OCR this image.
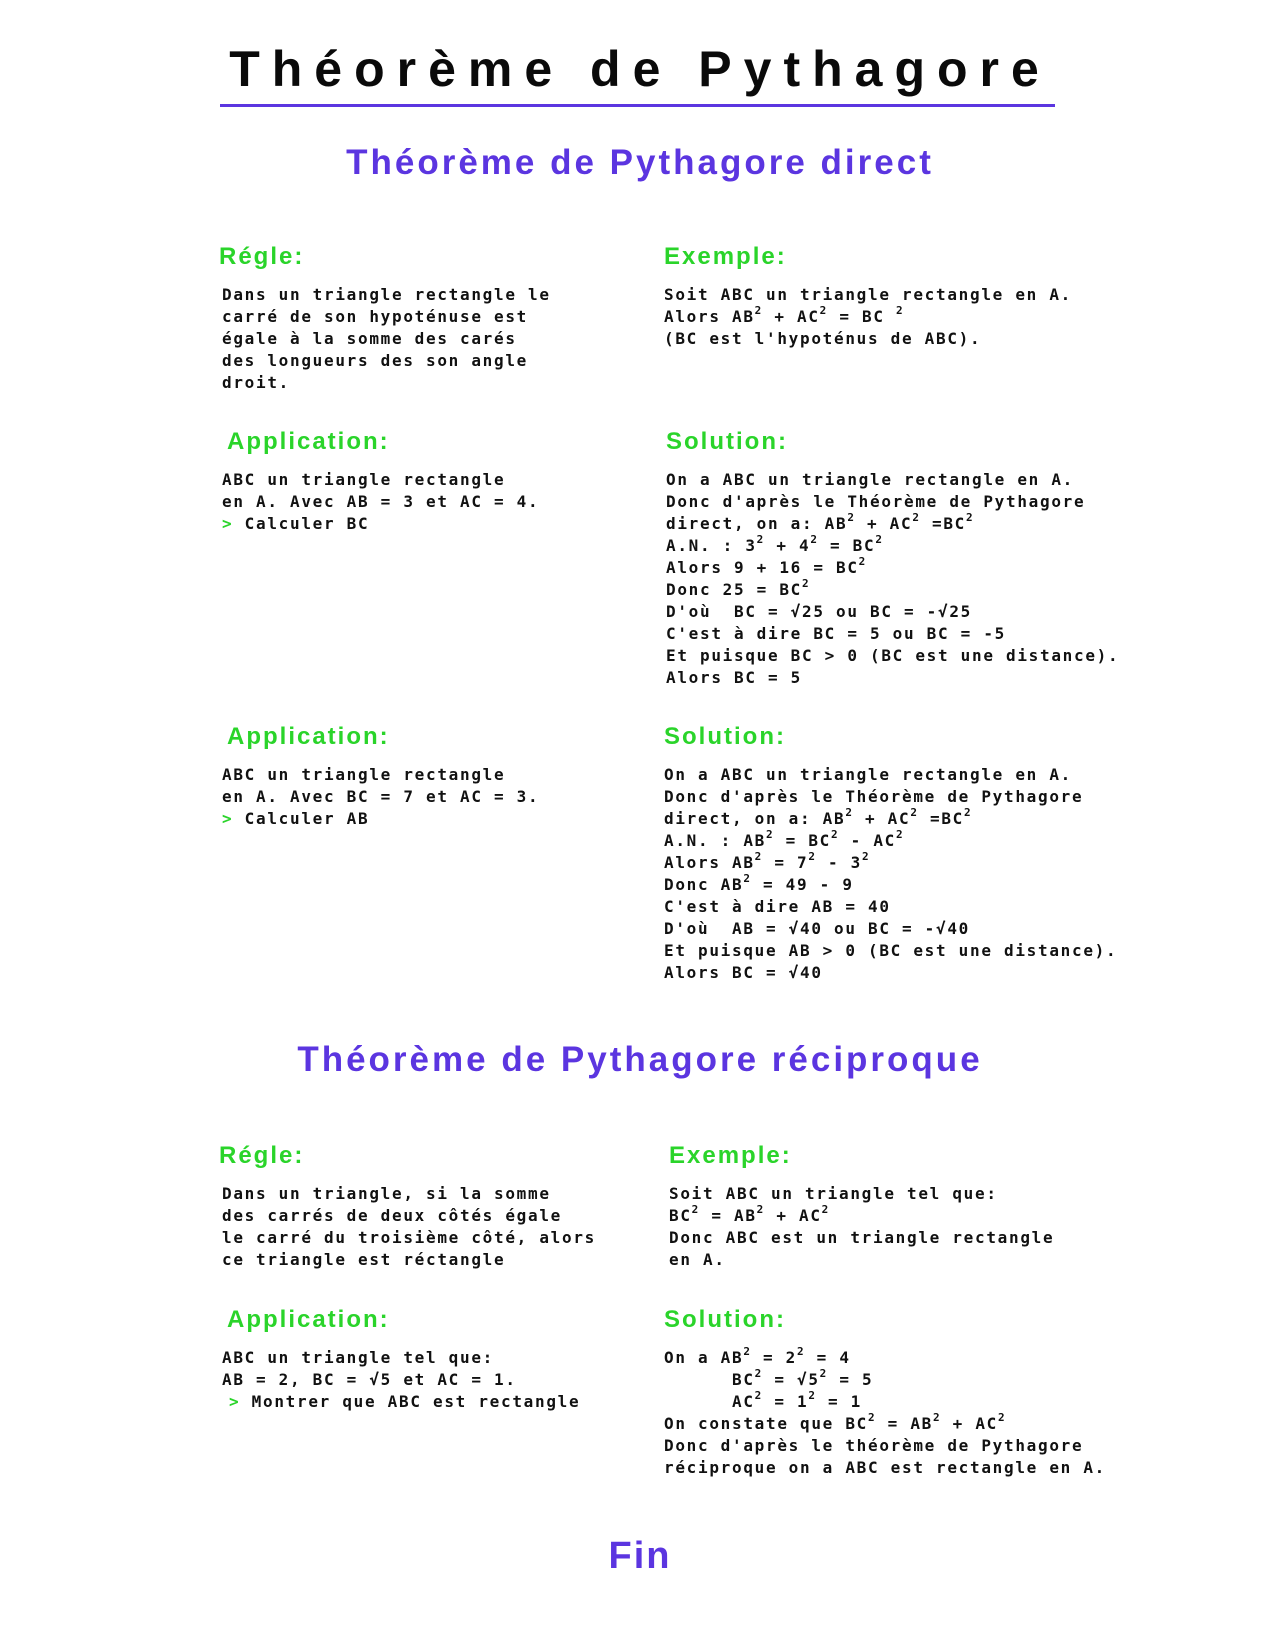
Théorème de Pythagore
Théorème de Pythagore direct
Régle:
Dans un triangle rectangle le
carré de son hypoténuse est
égale à la somme des carés
des longueurs des son angle
droit.
Exemple:
Soit ABC un triangle rectangle en A.
Alors $AB^2 + AC^2$ = BC $^2$
(BC est l'hypoténus de ABC).
Application:
ABC un triangle rectangle
en A. Avec AB = 3 et AC = 4.
> Calculer BC
Solution:
On a ABC un triangle rectangle en A.
Donc d'après le Théorème de Pythagore
direct, on a: $AB^2 + AC^2 =BC^2$
A.N. : $3^2 + 4^2 = BC^2$
Alors $9 + 16 = BC^2$
Donc $25 = BC^2$
D'où  BC = √25 ou BC = -√25
C'est à dire BC = 5 ou BC = -5
Et puisque BC > 0 (BC est une distance).
Alors BC = 5
Application:
ABC un triangle rectangle
en A. Avec BC = 7 et AC = 3.
> Calculer AB
Solution:
On a ABC un triangle rectangle en A.
Donc d'après le Théorème de Pythagore
direct, on a: $AB^2 + AC^2 =BC^2$
A.N. : $AB^2 = BC^2 - AC^2$
Alors $AB^2 = 7^2 - 3^2$
Donc $AB^2 = 49 - 9$
C'est à dire AB = 40
D'où  AB = √40 ou BC = -√40
Et puisque AB > 0 (BC est une distance).
Alors BC = √40
Théorème de Pythagore réciproque
Régle:
Dans un triangle, si la somme
des carrés de deux côtés égale
le carré du troisième côté, alors
ce triangle est réctangle
Exemple:
Soit ABC un triangle tel que:
$BC^2 = AB^2 + AC^2$
Donc ABC est un triangle rectangle
en A.
Application:
ABC un triangle tel que:
AB = 2, BC = √5 et AC = 1.
> Montrer que ABC est rectangle
Solution:
On a $AB^2 = 2^2 = 4$
$BC^2 = √5^2 = 5$
$AC^2 = 1^2 = 1$
On constate que $BC^2 = AB^2 + AC^2$
Donc d'après le théorème de Pythagore
réciproque on a ABC est rectangle en A.
Fin
